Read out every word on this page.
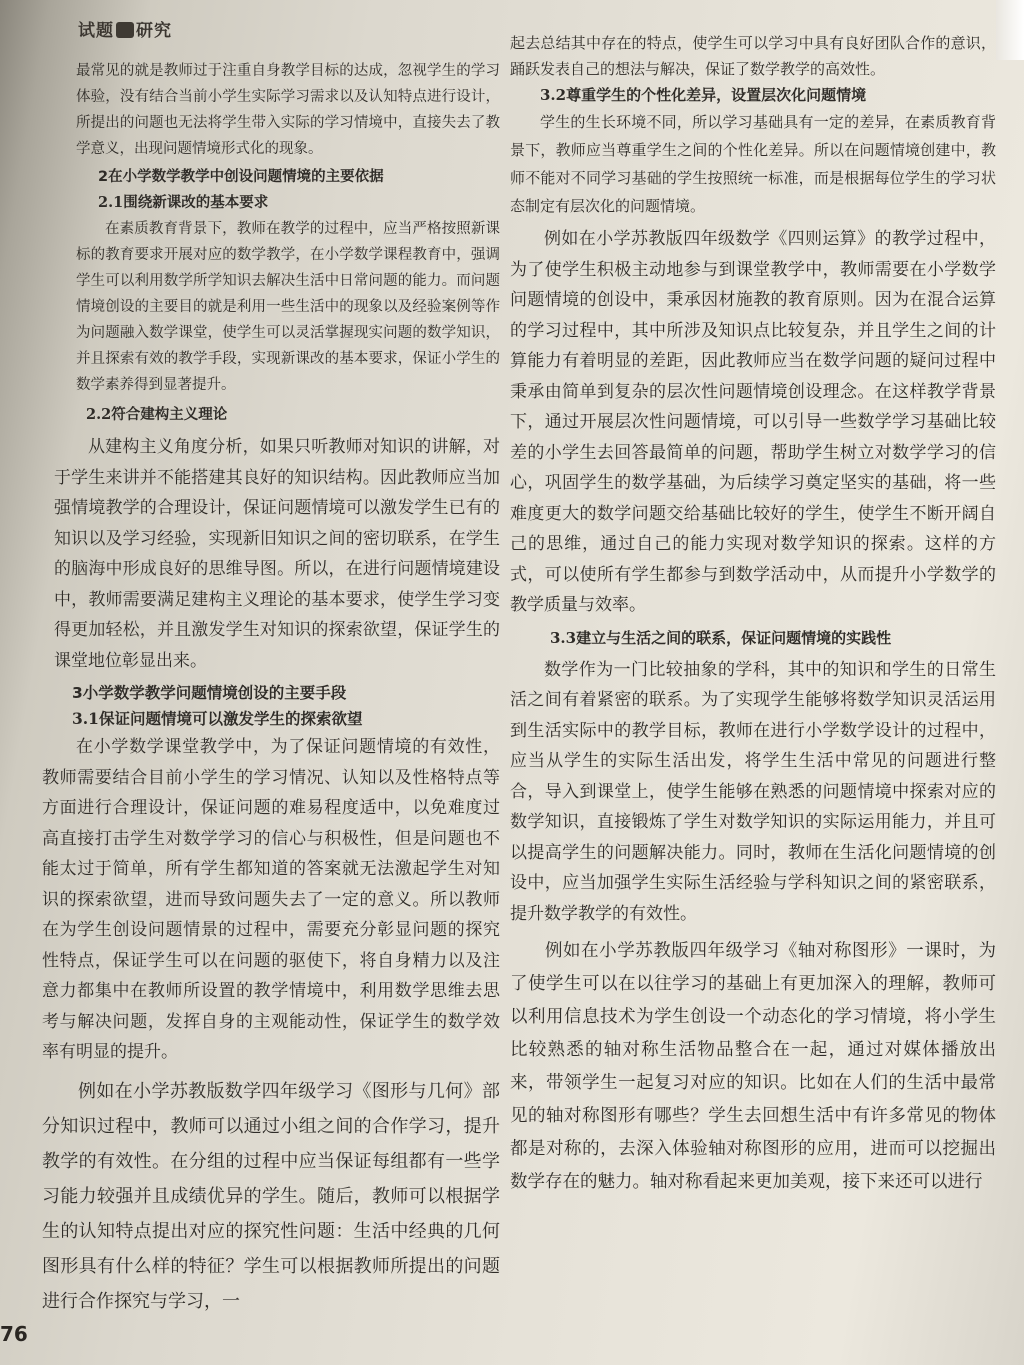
试题 研究

最常见的就是教师过于注重自身教学目标的达成，忽视学生的学习体验，没有结合当前小学生实际学习需求以及认知特点进行设计，所提出的问题也无法将学生带入实际的学习情境中，直接失去了教学意义，出现问题情境形式化的现象。

2在小学数学教学中创设问题情境的主要依据

2.1围绕新课改的基本要求

在素质教育背景下，教师在教学的过程中，应当严格按照新课标的教育要求开展对应的数学教学，在小学数学课程教育中，强调学生可以利用数学所学知识去解决生活中日常问题的能力。而问题情境创设的主要目的就是利用一些生活中的现象以及经验案例等作为问题融入数学课堂，使学生可以灵活掌握现实问题的数学知识，并且探索有效的教学手段，实现新课改的基本要求，保证小学生的数学素养得到显著提升。

2.2符合建构主义理论

从建构主义角度分析，如果只听教师对知识的讲解，对于学生来讲并不能搭建其良好的知识结构。因此教师应当加强情境教学的合理设计，保证问题情境可以激发学生已有的知识以及学习经验，实现新旧知识之间的密切联系，在学生的脑海中形成良好的思维导图。所以，在进行问题情境建设中，教师需要满足建构主义理论的基本要求，使学生学习变得更加轻松，并且激发学生对知识的探索欲望，保证学生的课堂地位彰显出来。

3小学数学教学问题情境创设的主要手段

3.1保证问题情境可以激发学生的探索欲望

在小学数学课堂教学中，为了保证问题情境的有效性，教师需要结合目前小学生的学习情况、认知以及性格特点等方面进行合理设计，保证问题的难易程度适中，以免难度过高直接打击学生对数学学习的信心与积极性，但是问题也不能太过于简单，所有学生都知道的答案就无法激起学生对知识的探索欲望，进而导致问题失去了一定的意义。所以教师在为学生创设问题情景的过程中，需要充分彰显问题的探究性特点，保证学生可以在问题的驱使下，将自身精力以及注意力都集中在教师所设置的教学情境中，利用数学思维去思考与解决问题，发挥自身的主观能动性，保证学生的数学效率有明显的提升。

例如在小学苏教版数学四年级学习《图形与几何》部分知识过程中，教师可以通过小组之间的合作学习，提升教学的有效性。在分组的过程中应当保证每组都有一些学习能力较强并且成绩优异的学生。随后，教师可以根据学生的认知特点提出对应的探究性问题：生活中经典的几何图形具有什么样的特征？学生可以根据教师所提出的问题进行合作探究与学习，一

起去总结其中存在的特点，使学生可以学习中具有良好团队合作的意识，踊跃发表自己的想法与解决，保证了数学教学的高效性。

3.2尊重学生的个性化差异，设置层次化问题情境

学生的生长环境不同，所以学习基础具有一定的差异，在素质教育背景下，教师应当尊重学生之间的个性化差异。所以在问题情境创建中，教师不能对不同学习基础的学生按照统一标准，而是根据每位学生的学习状态制定有层次化的问题情境。

例如在小学苏教版四年级数学《四则运算》的教学过程中，为了使学生积极主动地参与到课堂教学中，教师需要在小学数学问题情境的创设中，秉承因材施教的教育原则。因为在混合运算的学习过程中，其中所涉及知识点比较复杂，并且学生之间的计算能力有着明显的差距，因此教师应当在数学问题的疑问过程中秉承由简单到复杂的层次性问题情境创设理念。在这样教学背景下，通过开展层次性问题情境，可以引导一些数学学习基础比较差的小学生去回答最简单的问题，帮助学生树立对数学学习的信心，巩固学生的数学基础，为后续学习奠定坚实的基础，将一些难度更大的数学问题交给基础比较好的学生，使学生不断开阔自己的思维，通过自己的能力实现对数学知识的探索。这样的方式，可以使所有学生都参与到数学活动中，从而提升小学数学的教学质量与效率。

3.3建立与生活之间的联系，保证问题情境的实践性

数学作为一门比较抽象的学科，其中的知识和学生的日常生活之间有着紧密的联系。为了实现学生能够将数学知识灵活运用到生活实际中的教学目标，教师在进行小学数学设计的过程中，应当从学生的实际生活出发，将学生生活中常见的问题进行整合，导入到课堂上，使学生能够在熟悉的问题情境中探索对应的数学知识，直接锻炼了学生对数学知识的实际运用能力，并且可以提高学生的问题解决能力。同时，教师在生活化问题情境的创设中，应当加强学生实际生活经验与学科知识之间的紧密联系，提升数学教学的有效性。

例如在小学苏教版四年级学习《轴对称图形》一课时，为了使学生可以在以往学习的基础上有更加深入的理解，教师可以利用信息技术为学生创设一个动态化的学习情境，将小学生比较熟悉的轴对称生活物品整合在一起，通过对媒体播放出来，带领学生一起复习对应的知识。比如在人们的生活中最常见的轴对称图形有哪些？学生去回想生活中有许多常见的物体都是对称的，去深入体验轴对称图形的应用，进而可以挖掘出数学存在的魅力。轴对称看起来更加美观，接下来还可以进行

76
